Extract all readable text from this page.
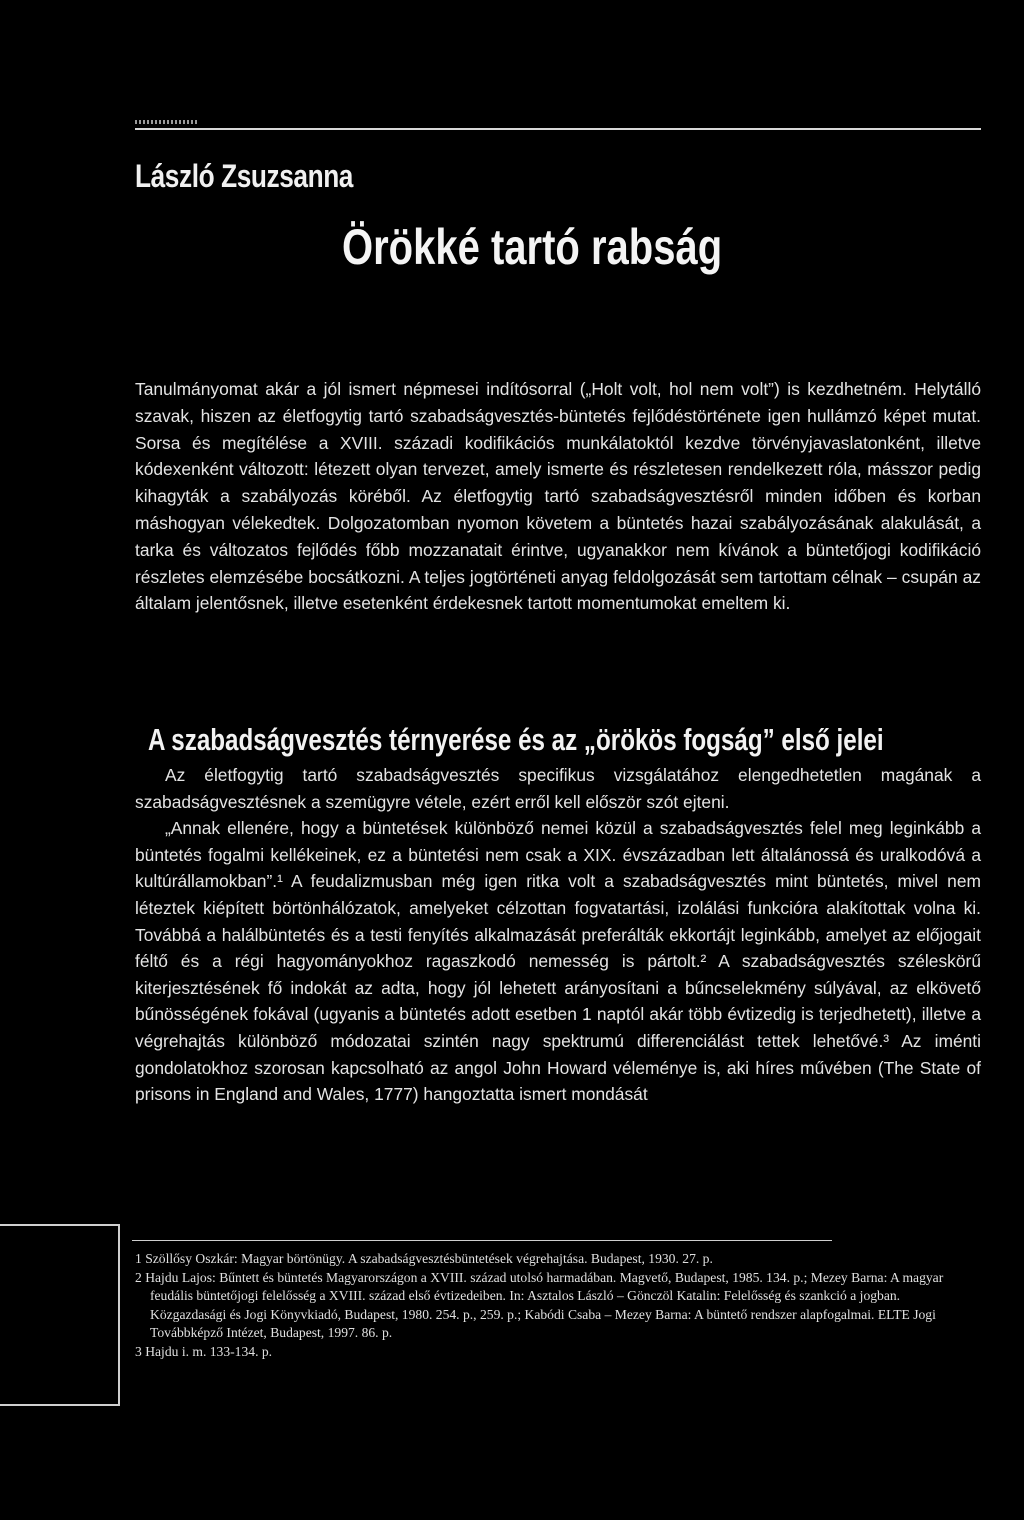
László Zsuzsanna
Örökké tartó rabság
Tanulmányomat akár a jól ismert népmesei indítósorral („Holt volt, hol nem volt”) is kezdhetném. Helytálló szavak, hiszen az életfogytig tartó szabadságvesztés-büntetés fejlődéstörténete igen hullámzó képet mutat. Sorsa és megítélése a XVIII. századi kodifikációs munkálatoktól kezdve törvényjavaslatonként, illetve kódexenként változott: létezett olyan tervezet, amely ismerte és részletesen rendelkezett róla, másszor pedig kihagyták a szabályozás köréből. Az életfogytig tartó szabadságvesztésről minden időben és korban máshogyan vélekedtek. Dolgozatomban nyomon követem a büntetés hazai szabályozásának alakulását, a tarka és változatos fejlődés főbb mozzanatait érintve, ugyanakkor nem kívánok a büntetőjogi kodifikáció részletes elemzésébe bocsátkozni. A teljes jogtörténeti anyag feldolgozását sem tartottam célnak – csupán az általam jelentősnek, illetve esetenként érdekesnek tartott momentumokat emeltem ki.
A szabadságvesztés térnyerése és az „örökös fogság” első jelei

Az életfogytig tartó szabadságvesztés specifikus vizsgálatához elengedhetetlen magának a szabadságvesztésnek a szemügyre vétele, ezért erről kell először szót ejteni.

„Annak ellenére, hogy a büntetések különböző nemei közül a szabadságvesztés felel meg leginkább a büntetés fogalmi kellékeinek, ez a büntetési nem csak a XIX. évszázadban lett általánossá és uralkodóvá a kultúrállamokban”.¹ A feudalizmusban még igen ritka volt a szabadságvesztés mint büntetés, mivel nem léteztek kiépített börtönhálózatok, amelyeket célzottan fogvatartási, izolálási funkcióra alakítottak volna ki. Továbbá a halálbüntetés és a testi fenyítés alkalmazását preferálták ekkortájt leginkább, amelyet az előjogait féltő és a régi hagyományokhoz ragaszkodó nemesség is pártolt.² A szabadságvesztés széleskörű kiterjesztésének fő indokát az adta, hogy jól lehetett arányosítani a bűncselekmény súlyával, az elkövető bűnösségének fokával (ugyanis a büntetés adott esetben 1 naptól akár több évtizedig is terjedhetett), illetve a végrehajtás különböző módozatai szintén nagy spektrumú differenciálást tettek lehetővé.³ Az iménti gondolatokhoz szorosan kapcsolható az angol John Howard véleménye is, aki híres művében (The State of prisons in England and Wales, 1777) hangoztatta ismert mondását

1 Szöllősy Oszkár: Magyar börtönügy. A szabadságvesztésbüntetések végrehajtása. Budapest, 1930. 27. p.

2 Hajdu Lajos: Bűntett és büntetés Magyarországon a XVIII. század utolsó harmadában. Magvető, Budapest, 1985. 134. p.; Mezey Barna: A magyar feudális büntetőjogi felelősség a XVIII. század első évtizedeiben. In: Asztalos László – Gönczöl Katalin: Felelősség és szankció a jogban. Közgazdasági és Jogi Könyvkiadó, Budapest, 1980. 254. p., 259. p.; Kabódi Csaba – Mezey Barna: A büntető rendszer alapfogalmai. ELTE Jogi Továbbképző Intézet, Budapest, 1997. 86. p.

3 Hajdu i. m. 133-134. p.
